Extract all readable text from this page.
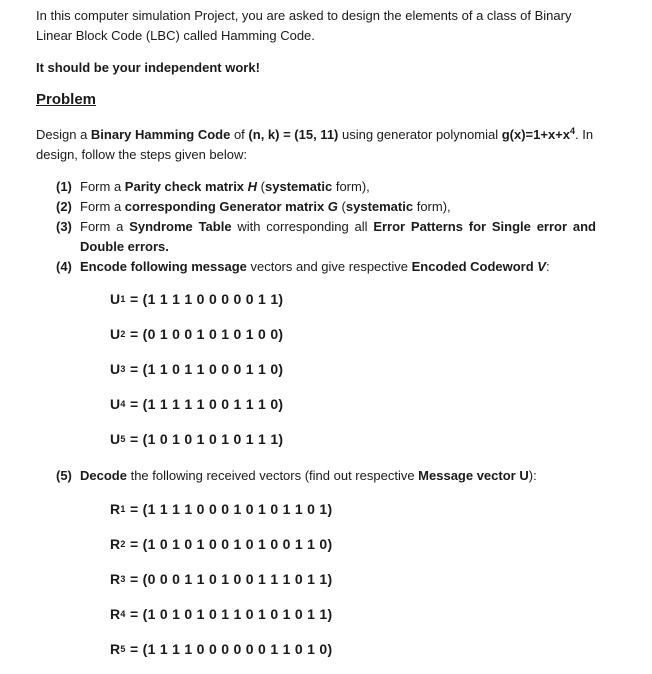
In this computer simulation Project, you are asked to design the elements of a class of Binary Linear Block Code (LBC) called Hamming Code.

It should be your independent work!

Problem

Design a Binary Hamming Code of (n, k) = (15, 11) using generator polynomial $g(x)=1+x+x^4$. In design, follow the steps given below:

(1) Form a Parity check matrix H (systematic form),
(2) Form a corresponding Generator matrix G (systematic form),
(3) Form a Syndrome Table with corresponding all Error Patterns for Single error and Double errors.
(4) Encode following message vectors and give respective Encoded Codeword V:
U 1
= (1 1 1 1 0 0 0 0 0 1 1)
U 2
= (0 1 0 0 1 0 1 0 1 0 0)
U 3
= (1 1 0 1 1 0 0 0 1 1 0)
U 4
= (1 1 1 1 1 0 0 1 1 1 0)
U 5
= (1 0 1 0 1 0 1 0 1 1 1)
(5) Decode the following received vectors (find out respective Message vector U):
R 1
= (1 1 1 1 0 0 0 1 0 1 0 1 1 0 1)
R 2
= (1 0 1 0 1 0 0 1 0 1 0 0 1 1 0)
R 3
= (0 0 0 1 1 0 1 0 0 1 1 1 0 1 1)
R 4
= (1 0 1 0 1 0 1 1 0 1 0 1 0 1 1)
R 5
= (1 1 1 1 0 0 0 0 0 0 1 1 0 1 0)
